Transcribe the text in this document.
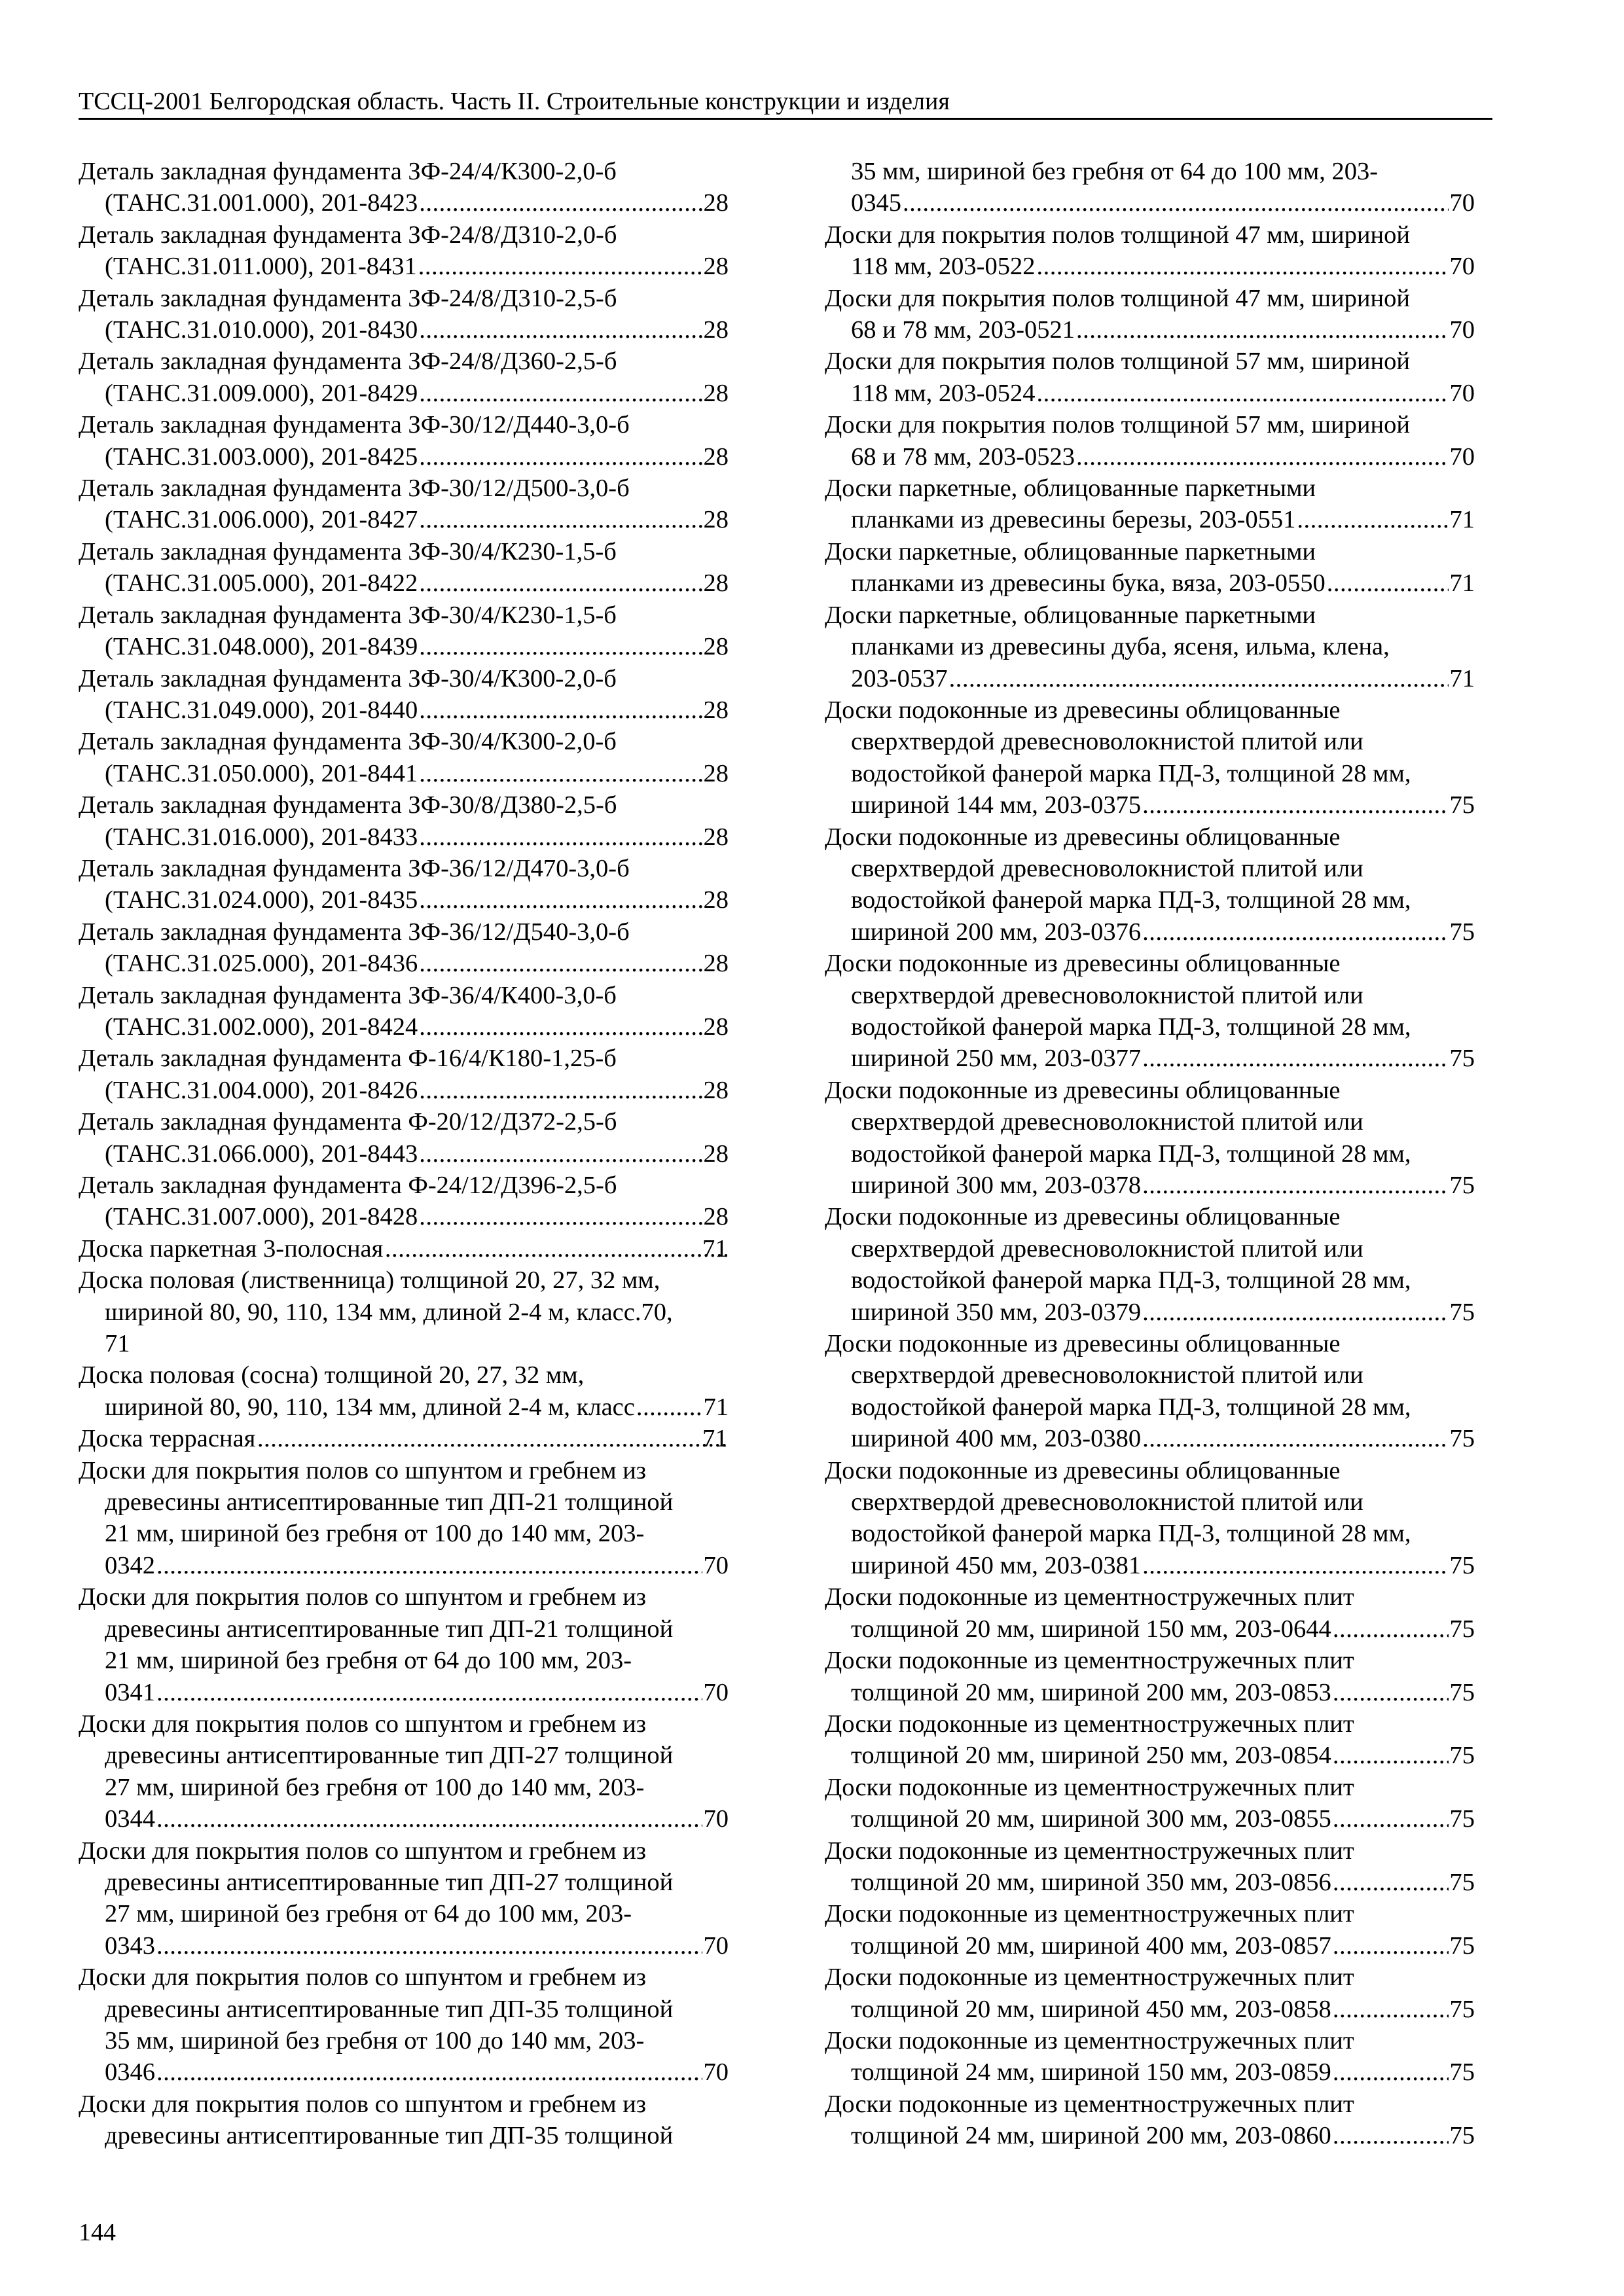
ТССЦ-2001 Белгородская область. Часть II. Строительные конструкции и изделия
Деталь закладная фундамента ЗФ-24/4/К300-2,0-б
(ТАНС.31.001.000), 201-8423 .....	28
Деталь закладная фундамента ЗФ-24/8/Д310-2,0-б
(ТАНС.31.011.000), 201-8431 .....	28
Деталь закладная фундамента ЗФ-24/8/Д310-2,5-б
(ТАНС.31.010.000), 201-8430 .....	28
Деталь закладная фундамента ЗФ-24/8/Д360-2,5-б
(ТАНС.31.009.000), 201-8429 .....	28
Деталь закладная фундамента ЗФ-30/12/Д440-3,0-б
(ТАНС.31.003.000), 201-8425 .....	28
Деталь закладная фундамента ЗФ-30/12/Д500-3,0-б
(ТАНС.31.006.000), 201-8427 .....	28
Деталь закладная фундамента ЗФ-30/4/К230-1,5-б
(ТАНС.31.005.000), 201-8422 .....	28
Деталь закладная фундамента ЗФ-30/4/К230-1,5-б
(ТАНС.31.048.000), 201-8439 .....	28
Деталь закладная фундамента ЗФ-30/4/К300-2,0-б
(ТАНС.31.049.000), 201-8440 .....	28
Деталь закладная фундамента ЗФ-30/4/К300-2,0-б
(ТАНС.31.050.000), 201-8441 .....	28
Деталь закладная фундамента ЗФ-30/8/Д380-2,5-б
(ТАНС.31.016.000), 201-8433 .....	28
Деталь закладная фундамента ЗФ-36/12/Д470-3,0-б
(ТАНС.31.024.000), 201-8435 .....	28
Деталь закладная фундамента ЗФ-36/12/Д540-3,0-б
(ТАНС.31.025.000), 201-8436 .....	28
Деталь закладная фундамента ЗФ-36/4/К400-3,0-б
(ТАНС.31.002.000), 201-8424 .....	28
Деталь закладная фундамента Ф-16/4/К180-1,25-б
(ТАНС.31.004.000), 201-8426 .....	28
Деталь закладная фундамента Ф-20/12/Д372-2,5-б
(ТАНС.31.066.000), 201-8443 .....	28
Деталь закладная фундамента Ф-24/12/Д396-2,5-б
(ТАНС.31.007.000), 201-8428 .....	28
Доска паркетная 3-полосная .....	71
Доска половая (лиственница) толщиной 20, 27, 32 мм,
шириной 80, 90, 110, 134 мм, длиной 2-4 м, класс.70,
71
Доска половая (сосна) толщиной 20, 27, 32 мм,
шириной 80, 90, 110, 134 мм, длиной 2-4 м, класс .....	71
Доска террасная .....	71
Доски для покрытия полов со шпунтом и гребнем из
древесины антисептированные тип ДП-21 толщиной
21 мм, шириной без гребня от 100 до 140 мм, 203-
0342 .....	70
Доски для покрытия полов со шпунтом и гребнем из
древесины антисептированные тип ДП-21 толщиной
21 мм, шириной без гребня от 64 до 100 мм, 203-
0341 .....	70
Доски для покрытия полов со шпунтом и гребнем из
древесины антисептированные тип ДП-27 толщиной
27 мм, шириной без гребня от 100 до 140 мм, 203-
0344 .....	70
Доски для покрытия полов со шпунтом и гребнем из
древесины антисептированные тип ДП-27 толщиной
27 мм, шириной без гребня от 64 до 100 мм, 203-
0343 .....	70
Доски для покрытия полов со шпунтом и гребнем из
древесины антисептированные тип ДП-35 толщиной
35 мм, шириной без гребня от 100 до 140 мм, 203-
0346 .....	70
Доски для покрытия полов со шпунтом и гребнем из
древесины антисептированные тип ДП-35 толщиной
35 мм, шириной без гребня от 64 до 100 мм, 203-
0345 .....	70
Доски для покрытия полов толщиной 47 мм, шириной
118 мм, 203-0522 .....	70
Доски для покрытия полов толщиной 47 мм, шириной
68 и 78 мм, 203-0521 .....	70
Доски для покрытия полов толщиной 57 мм, шириной
118 мм, 203-0524 .....	70
Доски для покрытия полов толщиной 57 мм, шириной
68 и 78 мм, 203-0523 .....	70
Доски паркетные, облицованные паркетными
планками из древесины березы, 203-0551 .....	71
Доски паркетные, облицованные паркетными
планками из древесины бука, вяза, 203-0550 .....	71
Доски паркетные, облицованные паркетными
планками из древесины дуба, ясеня, ильма, клена,
203-0537 .....	71
Доски подоконные из древесины облицованные
сверхтвердой древесноволокнистой плитой или
водостойкой фанерой марка ПД-3, толщиной 28 мм,
шириной 144 мм, 203-0375 .....	75
Доски подоконные из древесины облицованные
сверхтвердой древесноволокнистой плитой или
водостойкой фанерой марка ПД-3, толщиной 28 мм,
шириной 200 мм, 203-0376 .....	75
Доски подоконные из древесины облицованные
сверхтвердой древесноволокнистой плитой или
водостойкой фанерой марка ПД-3, толщиной 28 мм,
шириной 250 мм, 203-0377 .....	75
Доски подоконные из древесины облицованные
сверхтвердой древесноволокнистой плитой или
водостойкой фанерой марка ПД-3, толщиной 28 мм,
шириной 300 мм, 203-0378 .....	75
Доски подоконные из древесины облицованные
сверхтвердой древесноволокнистой плитой или
водостойкой фанерой марка ПД-3, толщиной 28 мм,
шириной 350 мм, 203-0379 .....	75
Доски подоконные из древесины облицованные
сверхтвердой древесноволокнистой плитой или
водостойкой фанерой марка ПД-3, толщиной 28 мм,
шириной 400 мм, 203-0380 .....	75
Доски подоконные из древесины облицованные
сверхтвердой древесноволокнистой плитой или
водостойкой фанерой марка ПД-3, толщиной 28 мм,
шириной 450 мм, 203-0381 .....	75
Доски подоконные из цементностружечных плит
толщиной 20 мм, шириной 150 мм, 203-0644 .....	75
Доски подоконные из цементностружечных плит
толщиной 20 мм, шириной 200 мм, 203-0853 .....	75
Доски подоконные из цементностружечных плит
толщиной 20 мм, шириной 250 мм, 203-0854 .....	75
Доски подоконные из цементностружечных плит
толщиной 20 мм, шириной 300 мм, 203-0855 .....	75
Доски подоконные из цементностружечных плит
толщиной 20 мм, шириной 350 мм, 203-0856 .....	75
Доски подоконные из цементностружечных плит
толщиной 20 мм, шириной 400 мм, 203-0857 .....	75
Доски подоконные из цементностружечных плит
толщиной 20 мм, шириной 450 мм, 203-0858 .....	75
Доски подоконные из цементностружечных плит
толщиной 24 мм, шириной 150 мм, 203-0859 .....	75
Доски подоконные из цементностружечных плит
толщиной 24 мм, шириной 200 мм, 203-0860 .....	75
144
